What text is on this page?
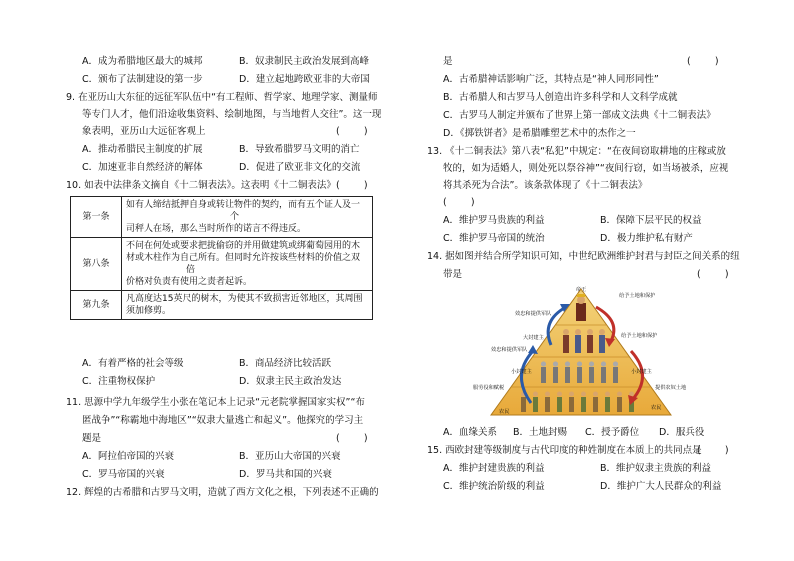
A．成为希腊地区最大的城邦	B．奴隶制民主政治发展到高峰
C．颁布了法制建设的第一步	D．建立起地跨欧亚非的大帝国
9. 在亚历山大东征的远征军队伍中“有工程师、哲学家、地理学家、测量师
等专门人才，他们沿途收集资料、绘制地图，与当地哲人交往”。这一现
象表明，亚历山大远征客观上	(        )
A．推动希腊民主制度的扩展	B．导致希腊罗马文明的消亡
C．加速亚非自然经济的解体	D．促进了欧亚非文化的交流
10. 如表中法律条文摘自《十二铜表法》。这表明《十二铜表法》 (        )
第一条	如有人缔结抵押自身或转让物件的契约，而有五个证人及一
个
司秤人在场，那么当时所作的诺言不得违反。

第八条	不问在何处或要求把拢偷窃的并用做建筑或绑葡萄园用的木
材或木柱作为自己所有。但同时允许按该些材料的价值之双
倍
价格对负责有使用之责者起诉。

第九条	凡高度达15英尺的树木，为使其不致损害近邻地区，其周围
须加修剪。
A．有着严格的社会等级	B．商品经济比较活跃
C．注重物权保护	D．奴隶主民主政治发达
11. 思源中学九年级学生小张在笔记本上记录“元老院掌握国家实权”“布
匿战争”“称霸地中海地区”“奴隶大量逃亡和起义”。他探究的学习主
题是	(        )
A．阿拉伯帝国的兴衰	B．亚历山大帝国的兴衰
C．罗马帝国的兴衰	D．罗马共和国的兴衰
12. 辉煌的古希腊和古罗马文明，造就了西方文化之根，下列表述不正确的
是	(        )
A．古希腊神话影响广泛，其特点是“神人同形同性”
B．古希腊人和古罗马人创造出许多科学和人文科学成就
C．古罗马人制定并颁布了世界上第一部成文法典《十二铜表法》
D．《掷铁饼者》是希腊雕塑艺术中的杰作之一
13. 《十二铜表法》第八表“私犯”中规定：“在夜间窃取耕地的庄稼或放
牧的，如为适婚人，则处死以祭谷神”“夜间行窃，如当场被杀，应视
将其杀死为合法”。该条款体现了《十二铜表法》
(        )
A．维护罗马贵族的利益	B．保障下层平民的权益
C．维护罗马帝国的统治	D．极力维护私有财产
14. 据如图并结合所学知识可知，中世纪欧洲维护封君与封臣之间关系的纽
带是	(        )
帝王
给予土地和保护
效忠和提供军队
大封建主	给予土地和保护
效忠和提供军队
小封建主	小封建主
服劳役和赋税	提供农奴土地
农民
农民
A．血缘关系 B．土地封赐 C．授予爵位 D．服兵役
15. 西欧封建等级制度与古代印度的种姓制度在本质上的共同点是
(        )
A．维护封建贵族的利益	B．维护奴隶主贵族的利益
C．维护统治阶级的利益	D．维护广大人民群众的利益
